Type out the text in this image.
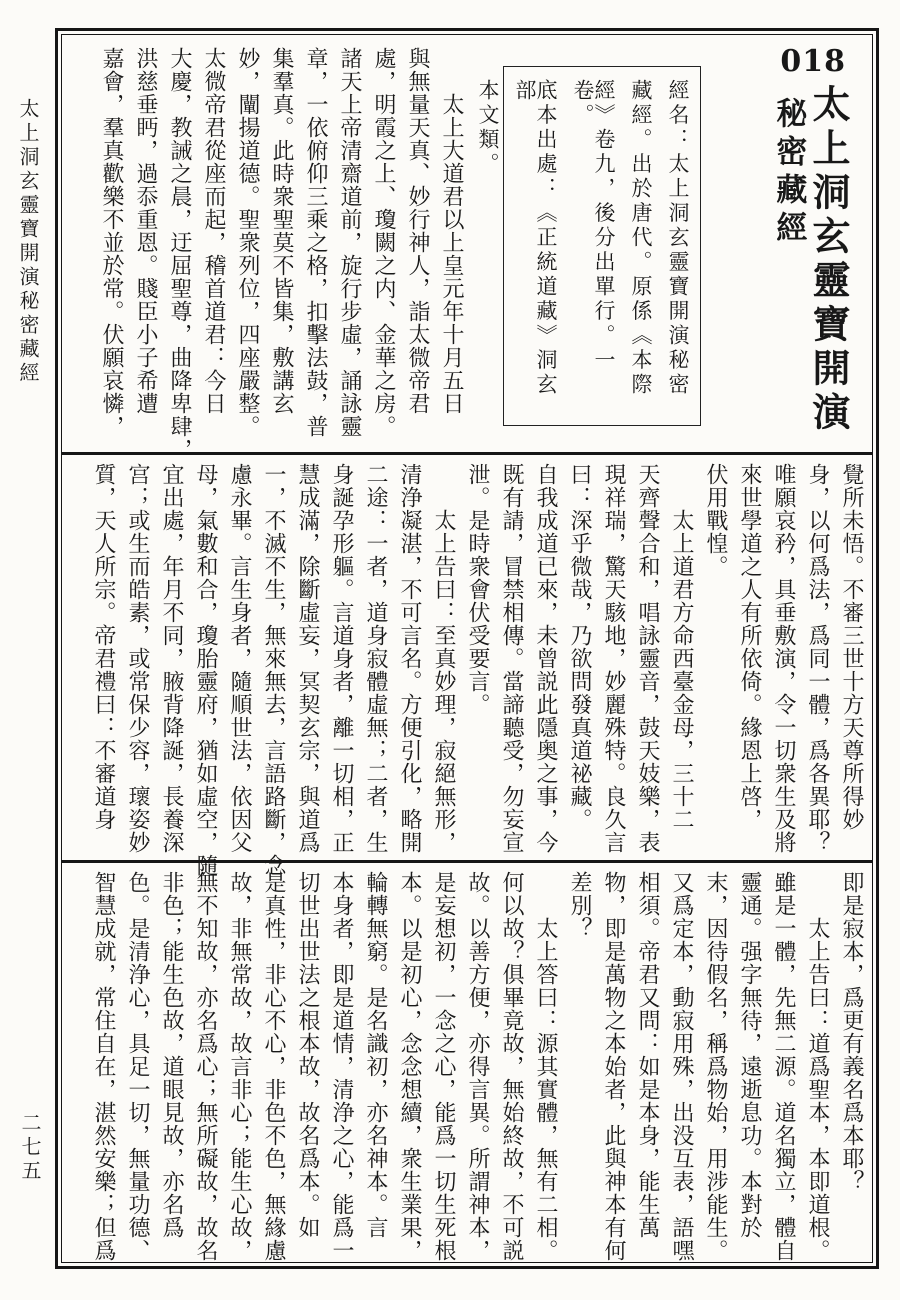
太上洞玄靈寶開演秘密藏經
二七五
018
太上洞玄靈寶開演
秘密藏經
經名：太上洞玄靈寶開演秘密
藏經。出於唐代。原係《本際
經》卷九，後分出單行。一卷。
底本出處：《正統道藏》洞玄部
本文類。
　　太上大道君以上皇元年十月五日
與無量天真、妙行神人，詣太微帝君
處，明霞之上、瓊闕之内、金華之房。
諸天上帝清齋道前，旋行步虛，誦詠靈
章，一依俯仰三乘之格，扣擊法鼓，普
集羣真。此時衆聖莫不皆集，敷講玄
妙，闡揚道德。聖衆列位，四座嚴整。
太微帝君從座而起，稽首道君：今日
大慶，教誡之晨，迂屈聖尊，曲降卑肆，
洪慈垂眄，過忝重恩。賤臣小子希遭
嘉會，羣真歡樂不並於常。伏願哀憐，
覺所未悟。不審三世十方天尊所得妙
身，以何爲法，爲同一體，爲各異耶？
唯願哀矜，具垂敷演，令一切衆生及將
來世學道之人有所依倚。緣恩上啓，
伏用戰惶。
　　太上道君方命西臺金母，三十二
天齊聲合和，唱詠靈音，鼓天妓樂，表
現祥瑞，驚天駭地，妙麗殊特。良久言
曰：深乎微哉，乃欲問發真道祕藏。
自我成道已來，未曾説此隱奥之事，今
既有請，冒禁相傳。當諦聽受，勿妄宣
泄。是時衆會伏受要言。
　　太上告曰：至真妙理，寂絕無形，
清浄凝湛，不可言名。方便引化，略開
二途：一者，道身寂體虛無；二者，生
身誕孕形軀。言道身者，離一切相，正
慧成滿，除斷虛妄，冥契玄宗，與道爲
一，不滅不生，無來無去，言語路斷，念
慮永畢。言生身者，隨順世法，依因父
母，氣數和合，瓊胎靈府，猶如虛空，隨
宜出處，年月不同，腋背降誕，長養深
宫；或生而皓素，或常保少容，瓌姿妙
質，天人所宗。帝君禮曰：不審道身
即是寂本，爲更有義名爲本耶？
　　太上告曰：道爲聖本，本即道根。
雖是一體，先無二源。道名獨立，體自
靈通。强字無待，遠逝息功。本對於
末，因待假名，稱爲物始，用涉能生。
又爲定本，動寂用殊，出没互表，語嘿
相須。帝君又問：如是本身，能生萬
物，即是萬物之本始者，此與神本有何
差別？
　　太上答曰：源其實體，無有二相。
何以故？俱畢竟故，無始終故，不可説
故。以善方便，亦得言異。所謂神本，
是妄想初，一念之心，能爲一切生死根
本。以是初心，念念想續，衆生業果，
輪轉無窮。是名識初，亦名神本。言
本身者，即是道情，清浄之心，能爲一
切世出世法之根本故，故名爲本。如
是真性，非心不心，非色不色，無緣慮
故，非無常故，故言非心；能生心故，
無不知故，亦名爲心；無所礙故，故名
非色；能生色故，道眼見故，亦名爲
色。是清浄心，具足一切，無量功德、
智慧成就，常住自在，湛然安樂；但爲
